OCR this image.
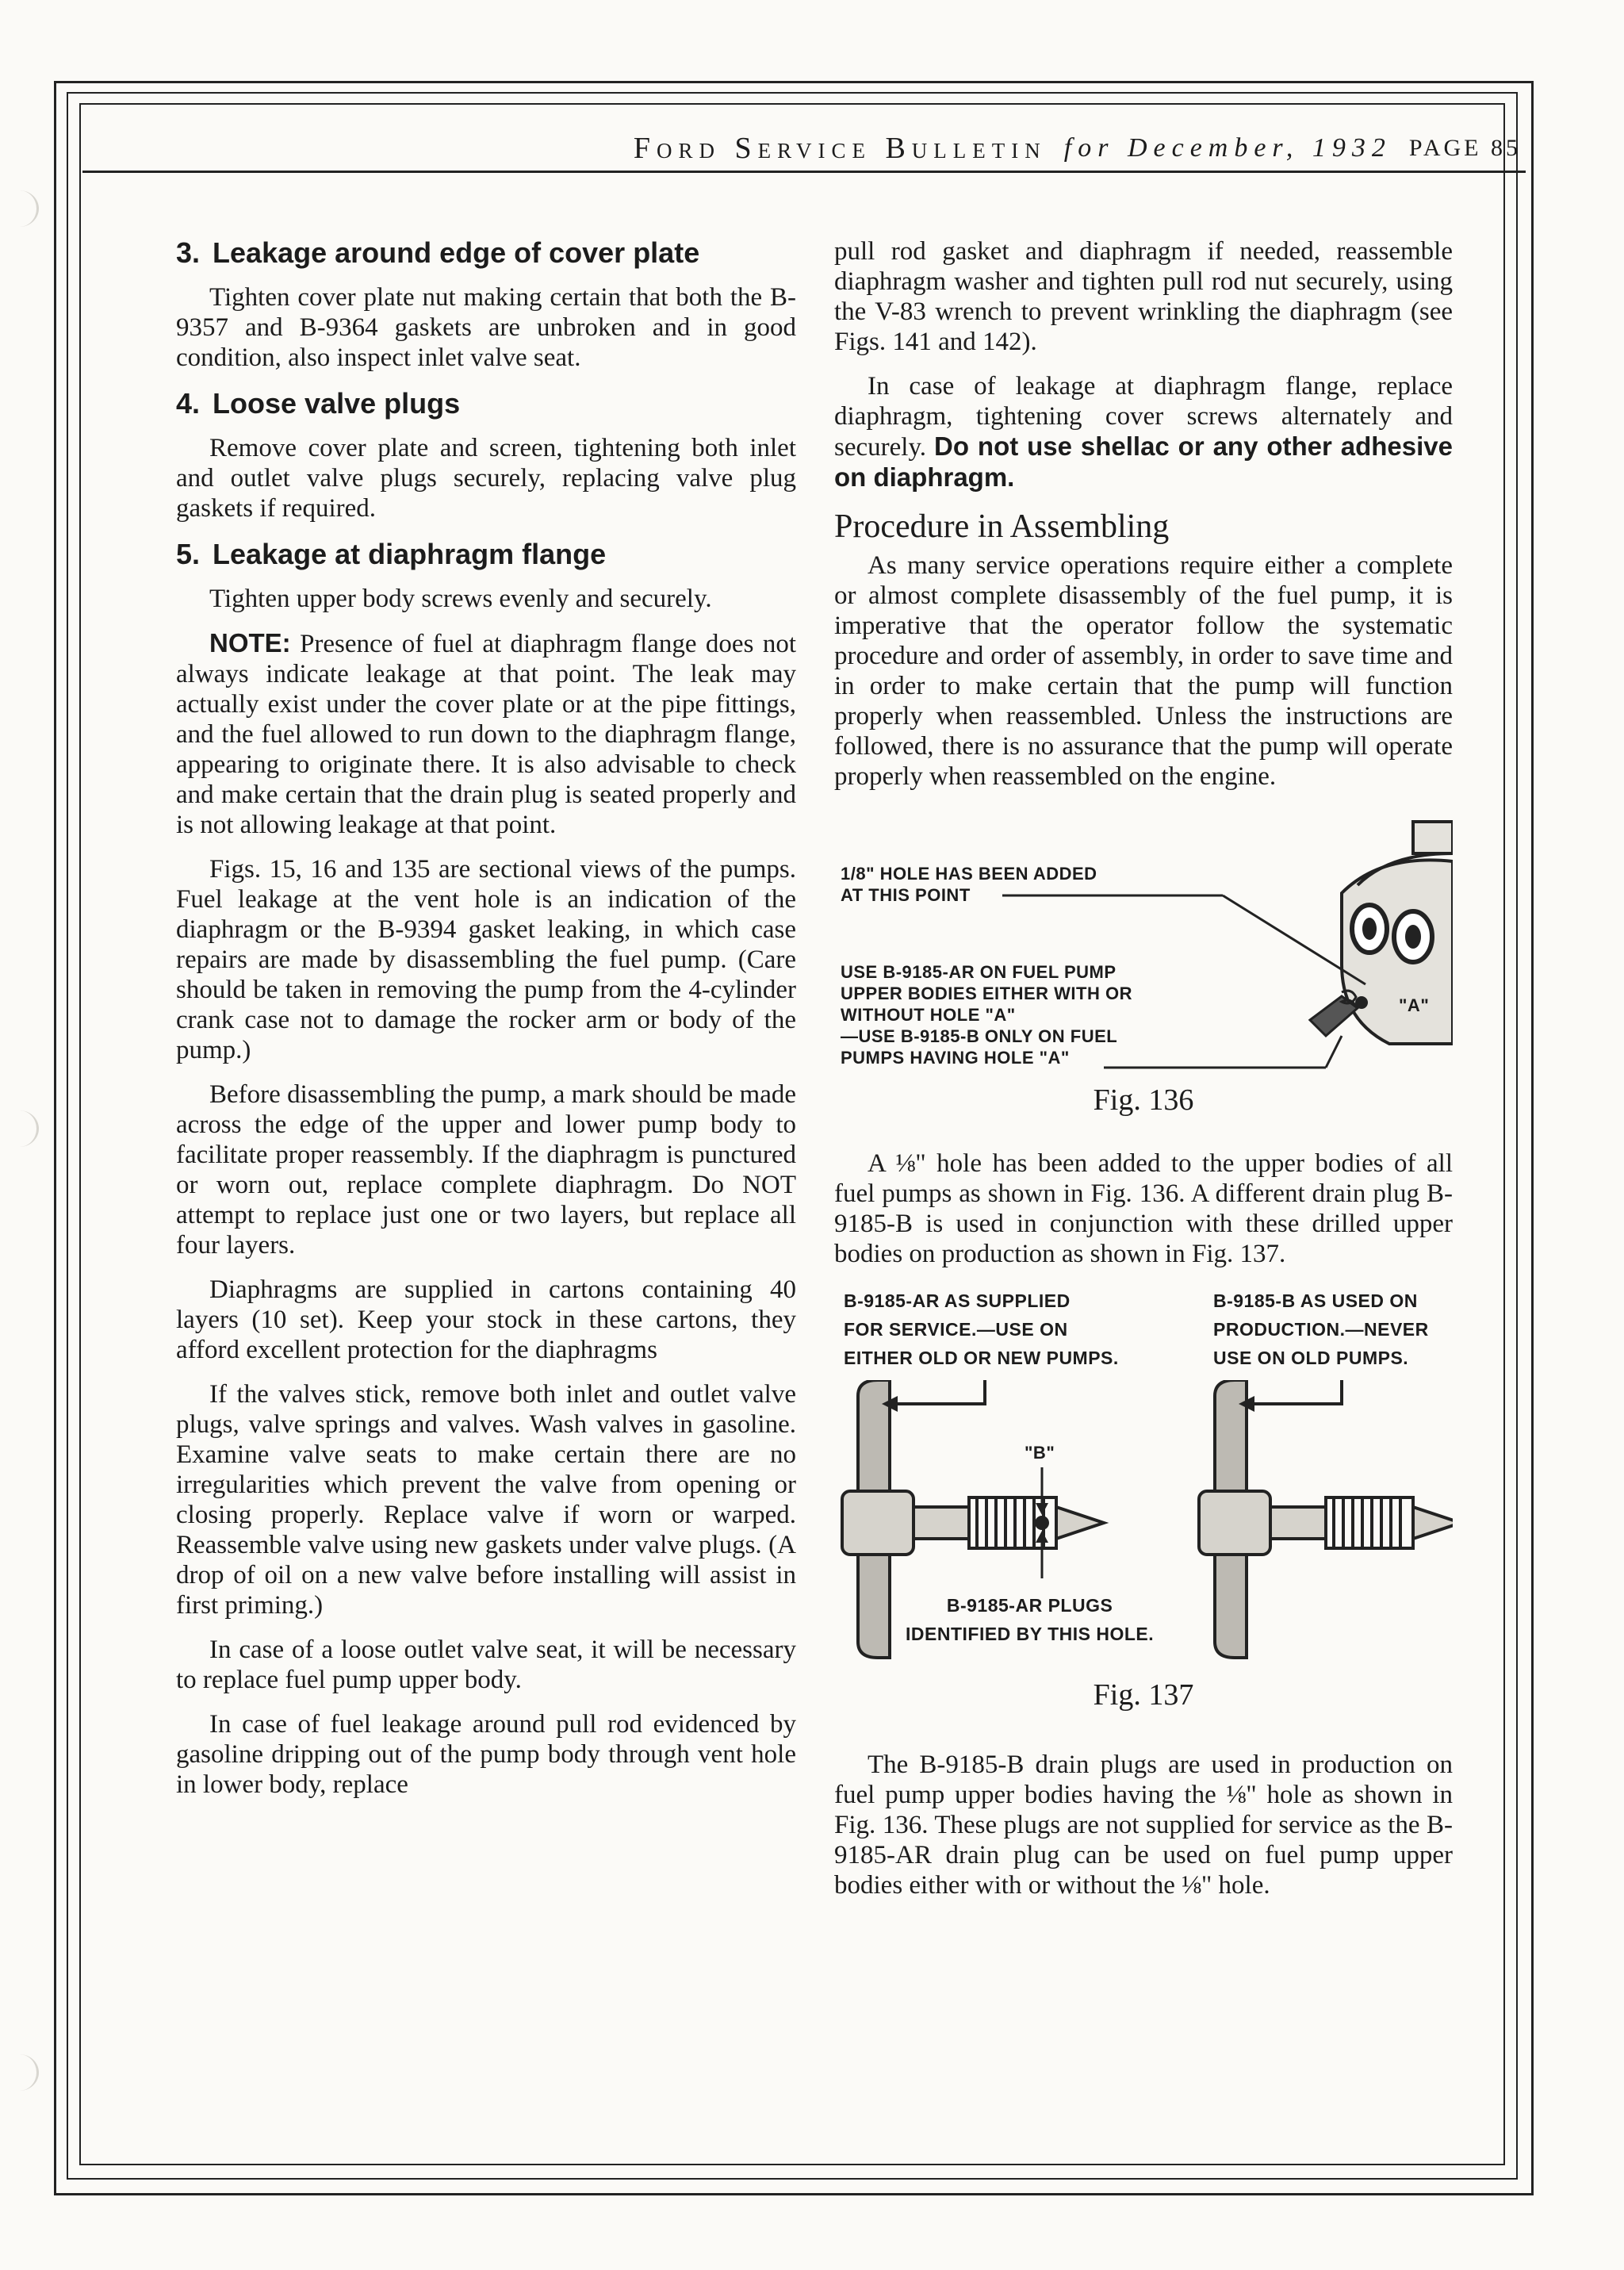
Ford Service Bulletin for December, 1932 PAGE 85
3. Leakage around edge of cover plate

Tighten cover plate nut making certain that both the B-9357 and B-9364 gaskets are unbroken and in good condition, also inspect inlet valve seat.

4. Loose valve plugs

Remove cover plate and screen, tightening both inlet and outlet valve plugs securely, replacing valve plug gaskets if required.

5. Leakage at diaphragm flange

Tighten upper body screws evenly and securely.

NOTE: Presence of fuel at diaphragm flange does not always indicate leakage at that point. The leak may actually exist under the cover plate or at the pipe fittings, and the fuel allowed to run down to the diaphragm flange, appearing to originate there. It is also advisable to check and make certain that the drain plug is seated properly and is not allowing leakage at that point.

Figs. 15, 16 and 135 are sectional views of the pumps. Fuel leakage at the vent hole is an indication of the diaphragm or the B-9394 gasket leaking, in which case repairs are made by disassembling the fuel pump. (Care should be taken in removing the pump from the 4-cylinder crank case not to damage the rocker arm or body of the pump.)

Before disassembling the pump, a mark should be made across the edge of the upper and lower pump body to facilitate proper reassembly. If the diaphragm is punctured or worn out, replace complete diaphragm. Do NOT attempt to replace just one or two layers, but replace all four layers.

Diaphragms are supplied in cartons containing 40 layers (10 set). Keep your stock in these cartons, they afford excellent protection for the diaphragms

If the valves stick, remove both inlet and outlet valve plugs, valve springs and valves. Wash valves in gasoline. Examine valve seats to make certain there are no irregularities which prevent the valve from opening or closing properly. Replace valve if worn or warped. Reassemble valve using new gaskets under valve plugs. (A drop of oil on a new valve before installing will assist in first priming.)

In case of a loose outlet valve seat, it will be necessary to replace fuel pump upper body.

In case of fuel leakage around pull rod evidenced by gasoline dripping out of the pump body through vent hole in lower body, replace

pull rod gasket and diaphragm if needed, reassemble diaphragm washer and tighten pull rod nut securely, using the V-83 wrench to prevent wrinkling the diaphragm (see Figs. 141 and 142).

In case of leakage at diaphragm flange, replace diaphragm, tightening cover screws alternately and securely. Do not use shellac or any other adhesive on diaphragm.

Procedure in Assembling

As many service operations require either a complete or almost complete disassembly of the fuel pump, it is imperative that the operator follow the systematic procedure and order of assembly, in order to save time and in order to make certain that the pump will function properly when reassembled. Unless the instructions are followed, there is no assurance that the pump will operate properly when reassembled on the engine.

1/8" HOLE HAS BEEN ADDED
AT THIS POINT
USE B-9185-AR ON FUEL PUMP
UPPER BODIES EITHER WITH OR
WITHOUT HOLE "A"
—USE B-9185-B ONLY ON FUEL
PUMPS HAVING HOLE "A"
"A"

Fig. 136

A ⅛" hole has been added to the upper bodies of all fuel pumps as shown in Fig. 136. A different drain plug B-9185-B is used in conjunction with these drilled upper bodies on production as shown in Fig. 137.

B-9185-AR AS SUPPLIED
FOR SERVICE.—USE ON
EITHER OLD OR NEW PUMPS.
B-9185-B AS USED ON
PRODUCTION.—NEVER
USE ON OLD PUMPS.
"B"
B-9185-AR PLUGS
IDENTIFIED BY THIS HOLE.

Fig. 137

The B-9185-B drain plugs are used in production on fuel pump upper bodies having the ⅛" hole as shown in Fig. 136. These plugs are not supplied for service as the B-9185-AR drain plug can be used on fuel pump upper bodies either with or without the ⅛" hole.
